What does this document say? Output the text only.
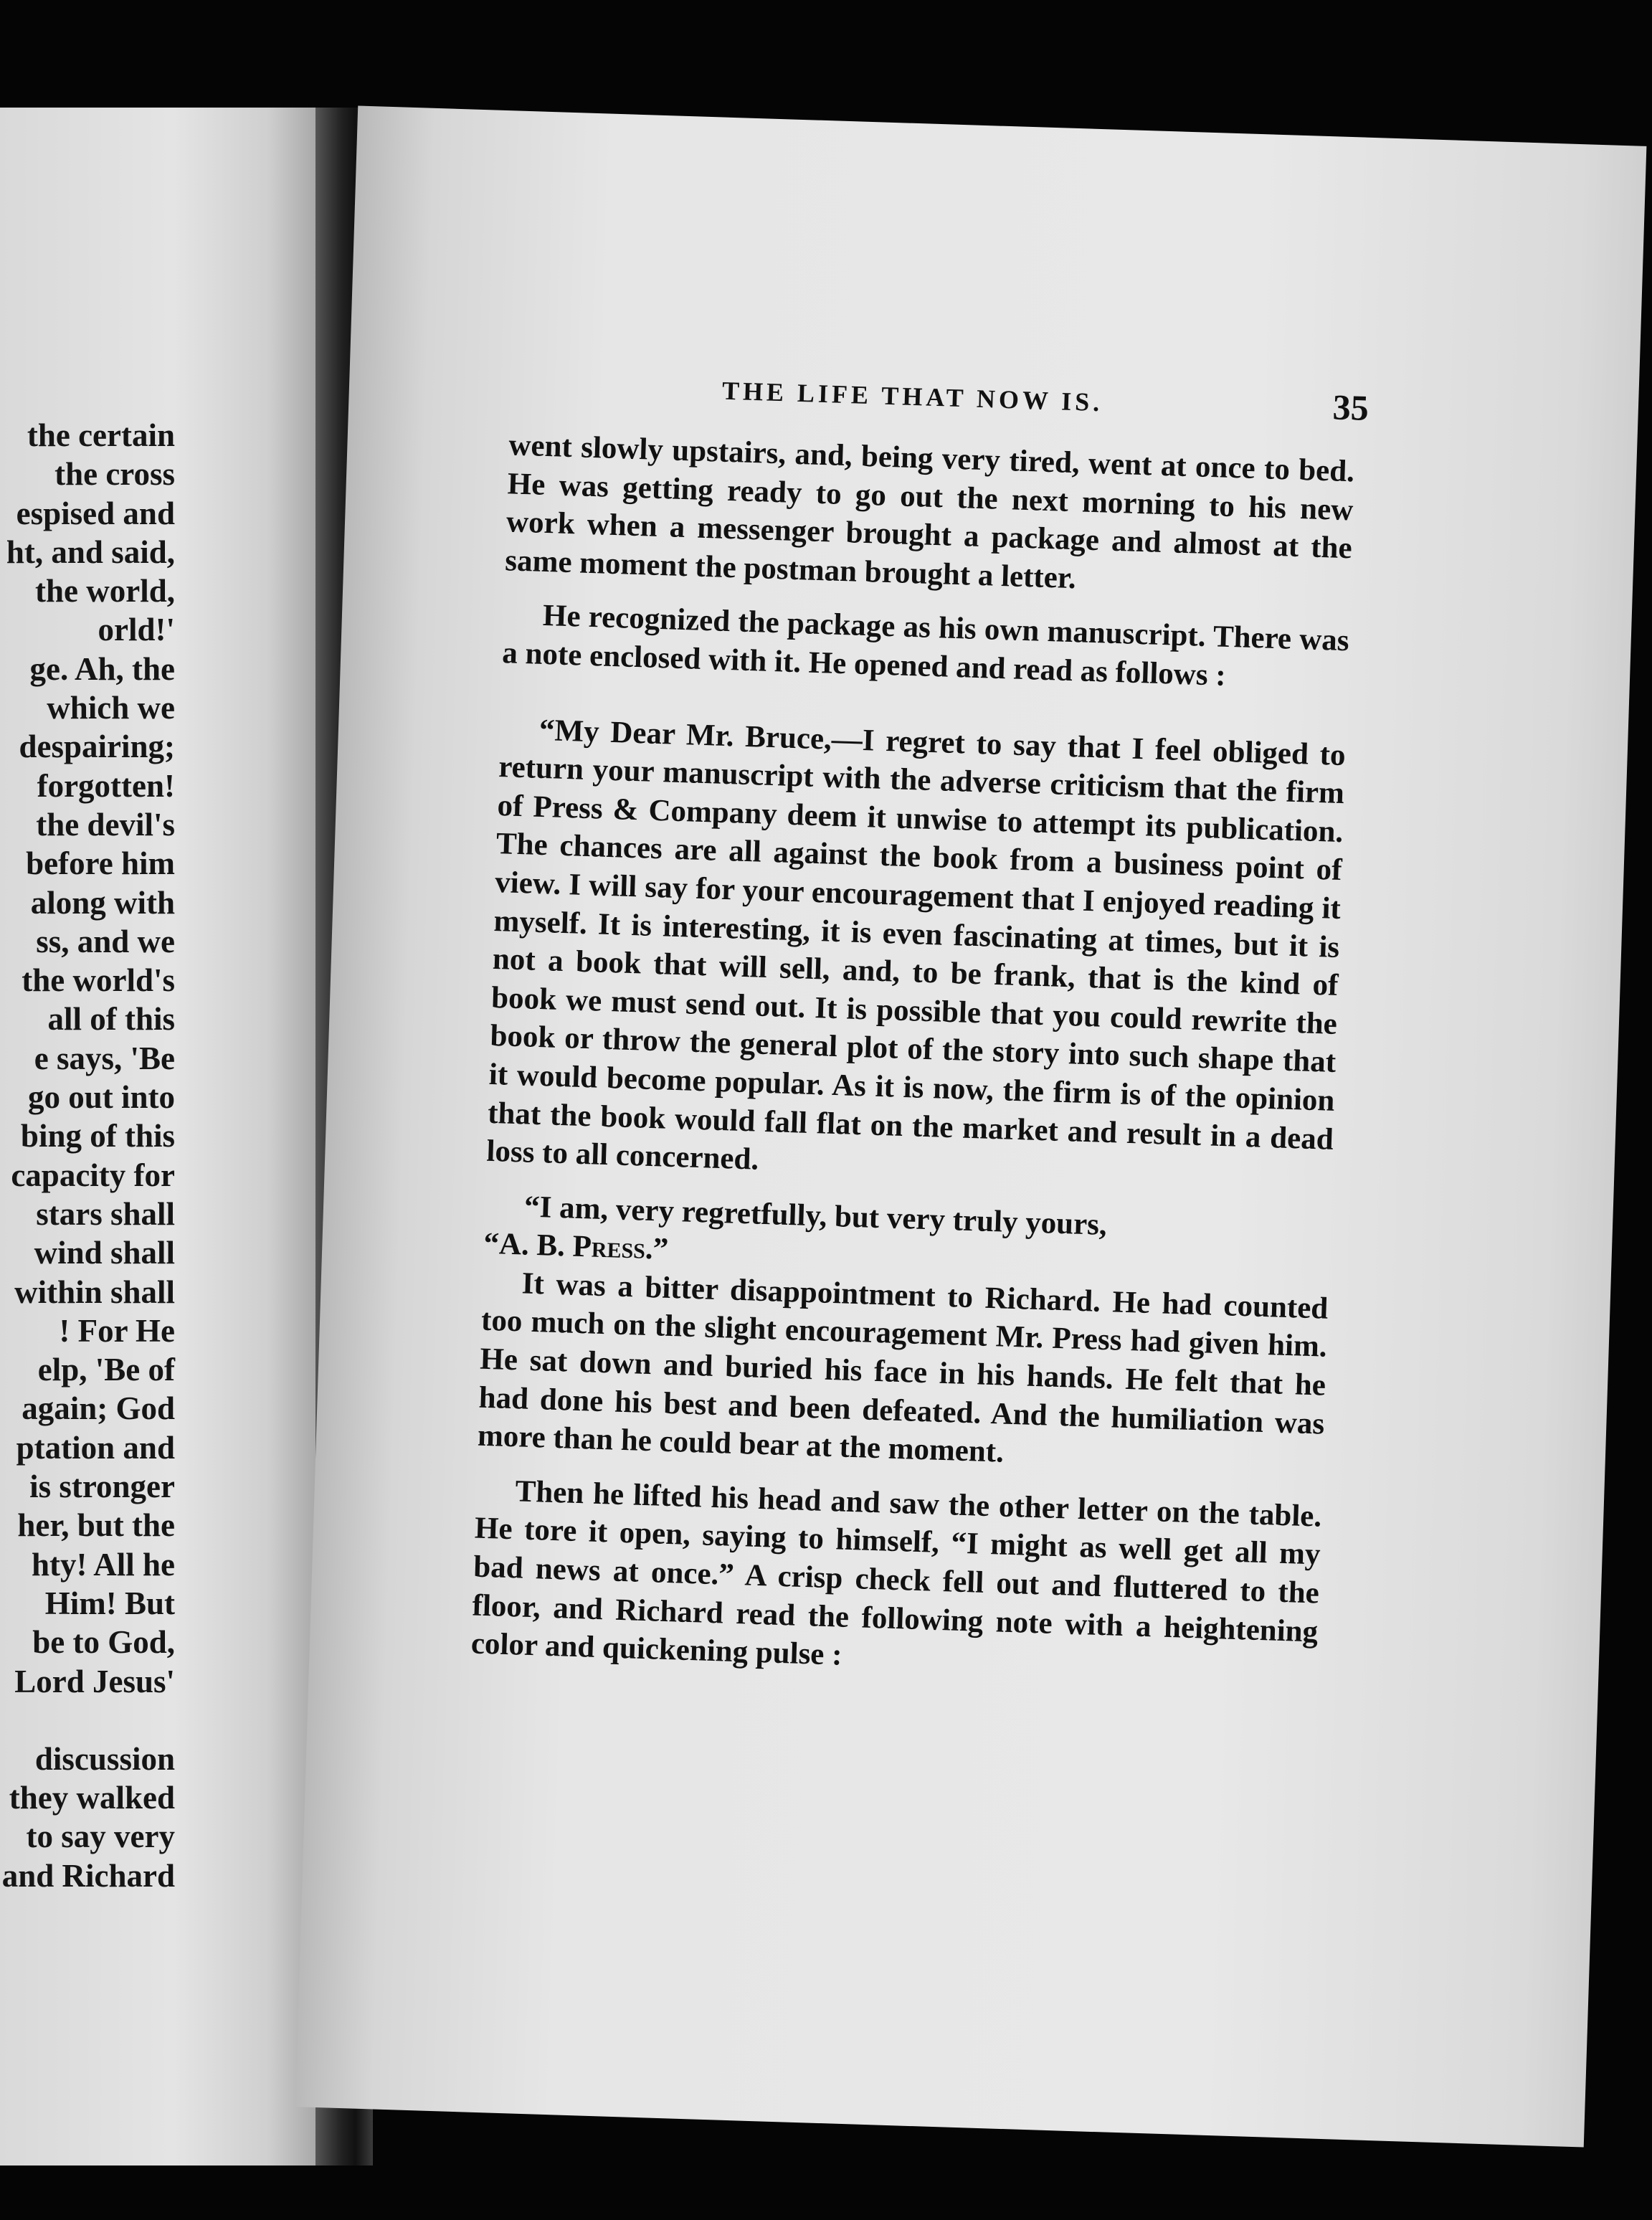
the certain
the cross
espised and
ht, and said,
the world,
orld!'
ge. Ah, the
which we
despairing;
forgotten!
the devil's
before him
along with
ss, and we
the world's
all of this
e says, 'Be
go out into
bing of this
capacity for
stars shall
wind shall
within shall
! For He
elp, 'Be of
again; God
ptation and
is stronger
her, but the
hty! All he
Him! But
be to God,
Lord Jesus'
discussion
they walked
to say very
and Richard
THE LIFE THAT NOW IS.	35

went slowly upstairs, and, being very tired, went at once to bed. He was getting ready to go out the next morning to his new work when a messenger brought a package and almost at the same moment the postman brought a letter.

He recognized the package as his own manuscript. There was a note enclosed with it. He opened and read as follows :

“My Dear Mr. Bruce,—I regret to say that I feel obliged to return your manuscript with the adverse criticism that the firm of Press & Company deem it unwise to attempt its publication. The chances are all against the book from a business point of view. I will say for your encouragement that I enjoyed reading it myself. It is interesting, it is even fascinating at times, but it is not a book that will sell, and, to be frank, that is the kind of book we must send out. It is possible that you could rewrite the book or throw the general plot of the story into such shape that it would become popular. As it is now, the firm is of the opinion that the book would fall flat on the market and result in a dead loss to all concerned.

“I am, very regretfully, but very truly yours,

“A. B. Press.”

It was a bitter disappointment to Richard. He had counted too much on the slight encouragement Mr. Press had given him. He sat down and buried his face in his hands. He felt that he had done his best and been defeated. And the humiliation was more than he could bear at the moment.

Then he lifted his head and saw the other letter on the table. He tore it open, saying to himself, “I might as well get all my bad news at once.” A crisp check fell out and fluttered to the floor, and Richard read the following note with a heightening color and quickening pulse :
